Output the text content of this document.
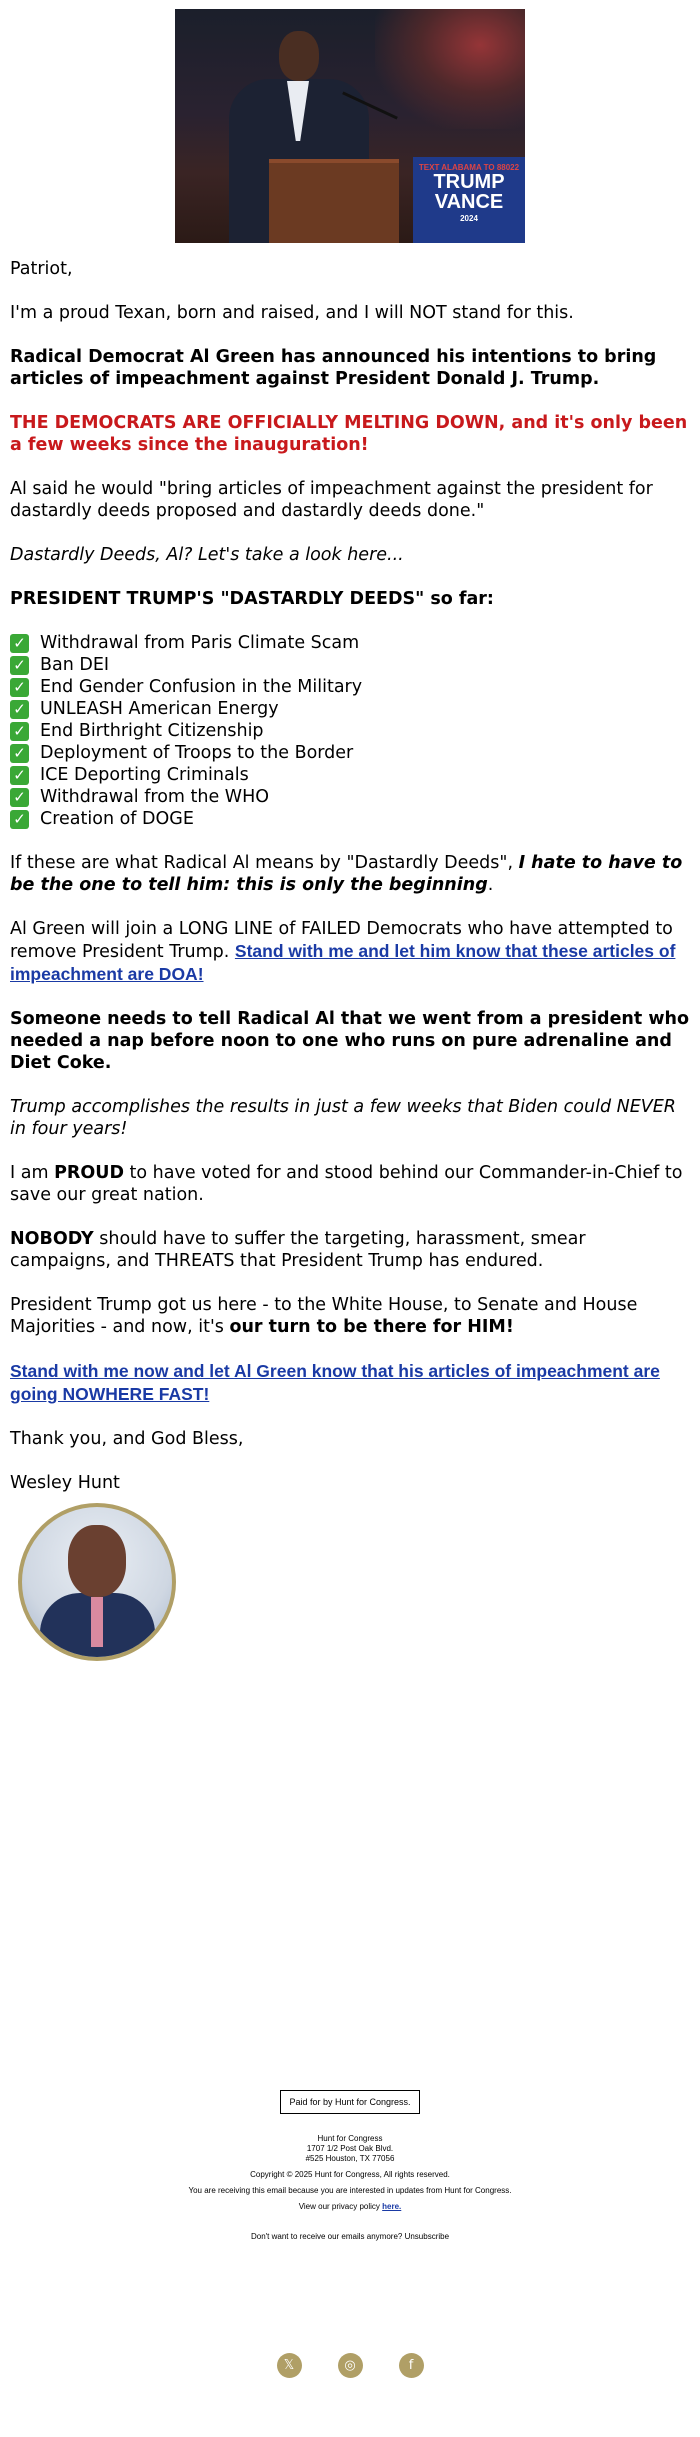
TEXT ALABAMA TO 88022
TRUMP
VANCE
2024

Patriot,

I'm a proud Texan, born and raised, and I will NOT stand for this.

Radical Democrat Al Green has announced his intentions to bring articles of impeachment against President Donald J. Trump.

THE DEMOCRATS ARE OFFICIALLY MELTING DOWN, and it's only been a few weeks since the inauguration!

Al said he would "bring articles of impeachment against the president for dastardly deeds proposed and dastardly deeds done."

Dastardly Deeds, Al? Let's take a look here...

PRESIDENT TRUMP'S "DASTARDLY DEEDS" so far:

✓ Withdrawal from Paris Climate Scam
✓ Ban DEI
✓ End Gender Confusion in the Military
✓ UNLEASH American Energy
✓ End Birthright Citizenship
✓ Deployment of Troops to the Border
✓ ICE Deporting Criminals
✓ Withdrawal from the WHO
✓ Creation of DOGE

If these are what Radical Al means by "Dastardly Deeds", I hate to have to be the one to tell him: this is only the beginning.

Al Green will join a LONG LINE of FAILED Democrats who have attempted to remove President Trump. Stand with me and let him know that these articles of impeachment are DOA!

Someone needs to tell Radical Al that we went from a president who needed a nap before noon to one who runs on pure adrenaline and Diet Coke.

Trump accomplishes the results in just a few weeks that Biden could NEVER in four years!

I am PROUD to have voted for and stood behind our Commander-in-Chief to save our great nation.

NOBODY should have to suffer the targeting, harassment, smear campaigns, and THREATS that President Trump has endured.

President Trump got us here - to the White House, to Senate and House Majorities - and now, it's our turn to be there for HIM!

Stand with me now and let Al Green know that his articles of impeachment are going NOWHERE FAST!

Thank you, and God Bless,

Wesley Hunt

Paid for by Hunt for Congress.

Hunt for Congress

1707 1/2 Post Oak Blvd.

#525 Houston, TX 77056

Copyright © 2025 Hunt for Congress, All rights reserved.

You are receiving this email because you are interested in updates from Hunt for Congress.

View our privacy policy here.

Don't want to receive our emails anymore? Unsubscribe

𝕏	◎	f
